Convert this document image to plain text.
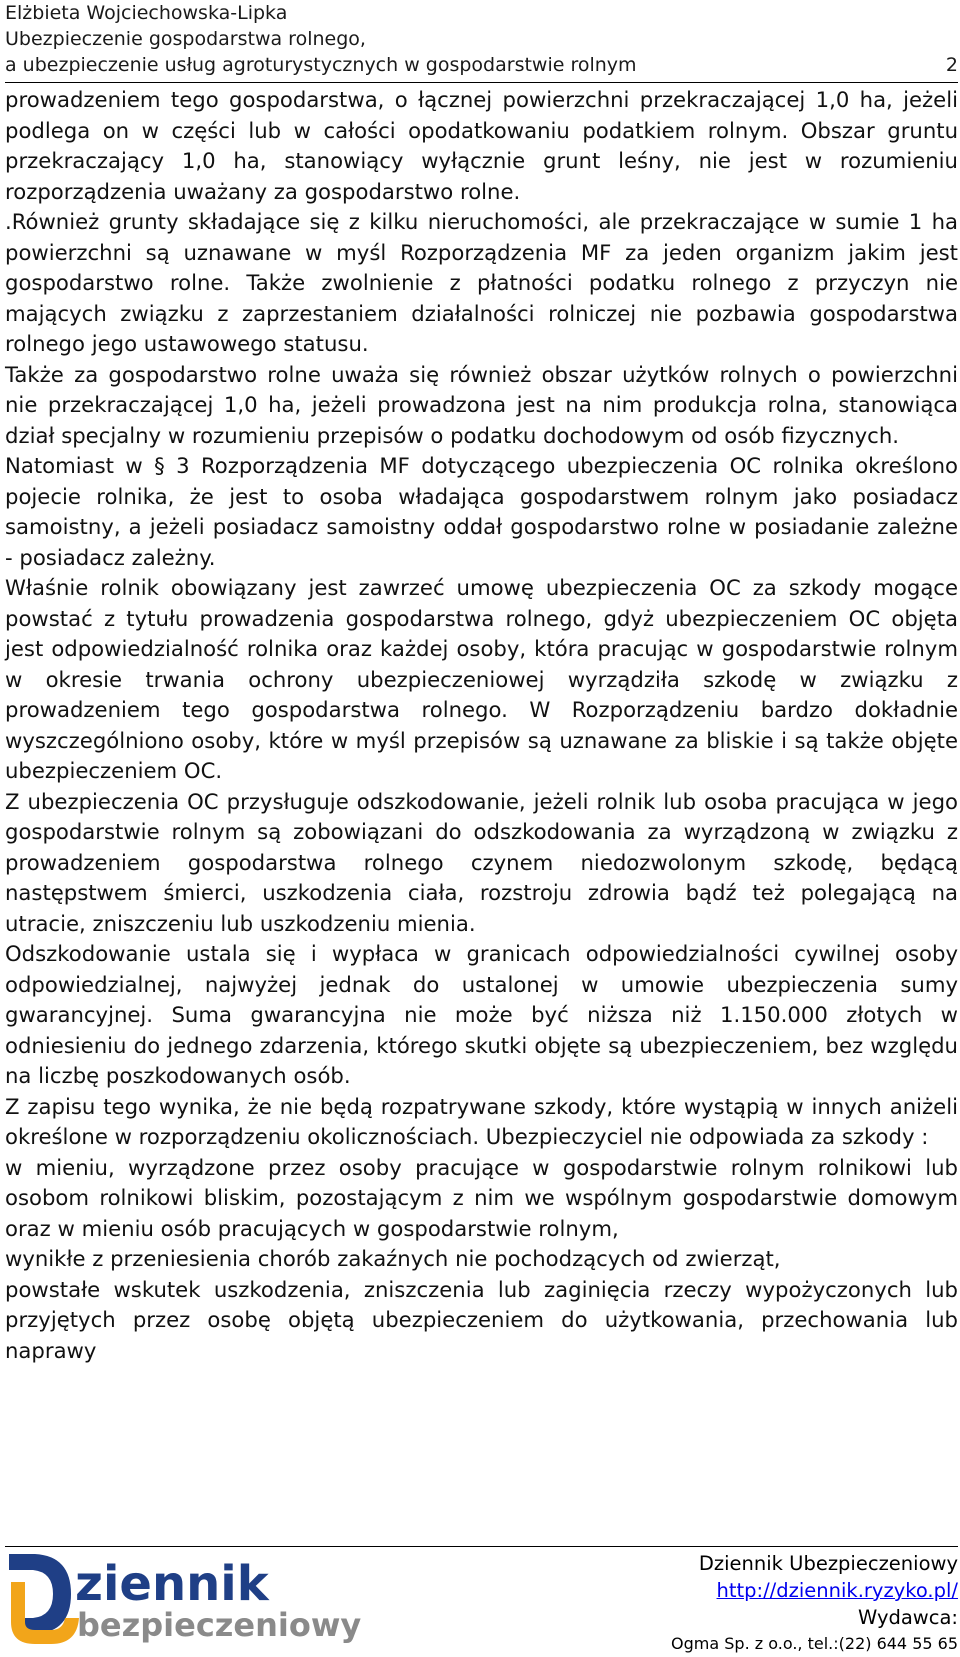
Elżbieta Wojciechowska-Lipka
Ubezpieczenie gospodarstwa rolnego,
a ubezpieczenie usług agroturystycznych w gospodarstwie rolnym	2

prowadzeniem tego gospodarstwa, o łącznej powierzchni przekraczającej 1,0 ha, jeżeli podlega on w części lub w całości opodatkowaniu podatkiem rolnym. Obszar gruntu przekraczający 1,0 ha, stanowiący wyłącznie grunt leśny, nie jest w rozumieniu rozporządzenia uważany za gospodarstwo rolne.

.Również grunty składające się z kilku nieruchomości, ale przekraczające w sumie 1 ha powierzchni są uznawane w myśl Rozporządzenia MF za jeden organizm jakim jest gospodarstwo rolne. Także zwolnienie z płatności podatku rolnego z przyczyn nie mających związku z zaprzestaniem działalności rolniczej nie pozbawia gospodarstwa rolnego jego ustawowego statusu.

Także za gospodarstwo rolne uważa się również obszar użytków rolnych o powierzchni nie przekraczającej 1,0 ha, jeżeli prowadzona jest na nim produkcja rolna, stanowiąca dział specjalny w rozumieniu przepisów o podatku dochodowym od osób fizycznych.

Natomiast w § 3 Rozporządzenia MF dotyczącego ubezpieczenia OC rolnika określono pojecie rolnika, że jest to osoba władająca gospodarstwem rolnym jako posiadacz samoistny, a jeżeli posiadacz samoistny oddał gospodarstwo rolne w posiadanie zależne - posiadacz zależny.

Właśnie rolnik obowiązany jest zawrzeć umowę ubezpieczenia OC za szkody mogące powstać z tytułu prowadzenia gospodarstwa rolnego, gdyż ubezpieczeniem OC objęta jest odpowiedzialność rolnika oraz każdej osoby, która pracując w gospodarstwie rolnym w okresie trwania ochrony ubezpieczeniowej wyrządziła szkodę w związku z prowadzeniem tego gospodarstwa rolnego. W Rozporządzeniu bardzo dokładnie wyszczególniono osoby, które w myśl przepisów są uznawane za bliskie i są także objęte ubezpieczeniem OC.

Z ubezpieczenia OC przysługuje odszkodowanie, jeżeli rolnik lub osoba pracująca w jego gospodarstwie rolnym są zobowiązani do odszkodowania za wyrządzoną w związku z prowadzeniem gospodarstwa rolnego czynem niedozwolonym szkodę, będącą następstwem śmierci, uszkodzenia ciała, rozstroju zdrowia bądź też polegającą na utracie, zniszczeniu lub uszkodzeniu mienia.

Odszkodowanie ustala się i wypłaca w granicach odpowiedzialności cywilnej osoby odpowiedzialnej, najwyżej jednak do ustalonej w umowie ubezpieczenia sumy gwarancyjnej. Suma gwarancyjna nie może być niższa niż 1.150.000 złotych w odniesieniu do jednego zdarzenia, którego skutki objęte są ubezpieczeniem, bez względu na liczbę poszkodowanych osób.

Z zapisu tego wynika, że nie będą rozpatrywane szkody, które wystąpią w innych aniżeli określone w rozporządzeniu okolicznościach. Ubezpieczyciel nie odpowiada za szkody :

w mieniu, wyrządzone przez osoby pracujące w gospodarstwie rolnym rolnikowi lub osobom rolnikowi bliskim, pozostającym z nim we wspólnym gospodarstwie domowym oraz w mieniu osób pracujących w gospodarstwie rolnym,

wynikłe z przeniesienia chorób zakaźnych nie pochodzących od zwierząt,

powstałe wskutek uszkodzenia, zniszczenia lub zaginięcia rzeczy wypożyczonych lub przyjętych przez osobę objętą ubezpieczeniem do użytkowania, przechowania lub naprawy

ziennik
bezpieczeniowy
Dziennik Ubezpieczeniowy
http://dziennik.ryzyko.pl/
Wydawca:
Ogma Sp. z o.o., tel.:(22) 644 55 65
